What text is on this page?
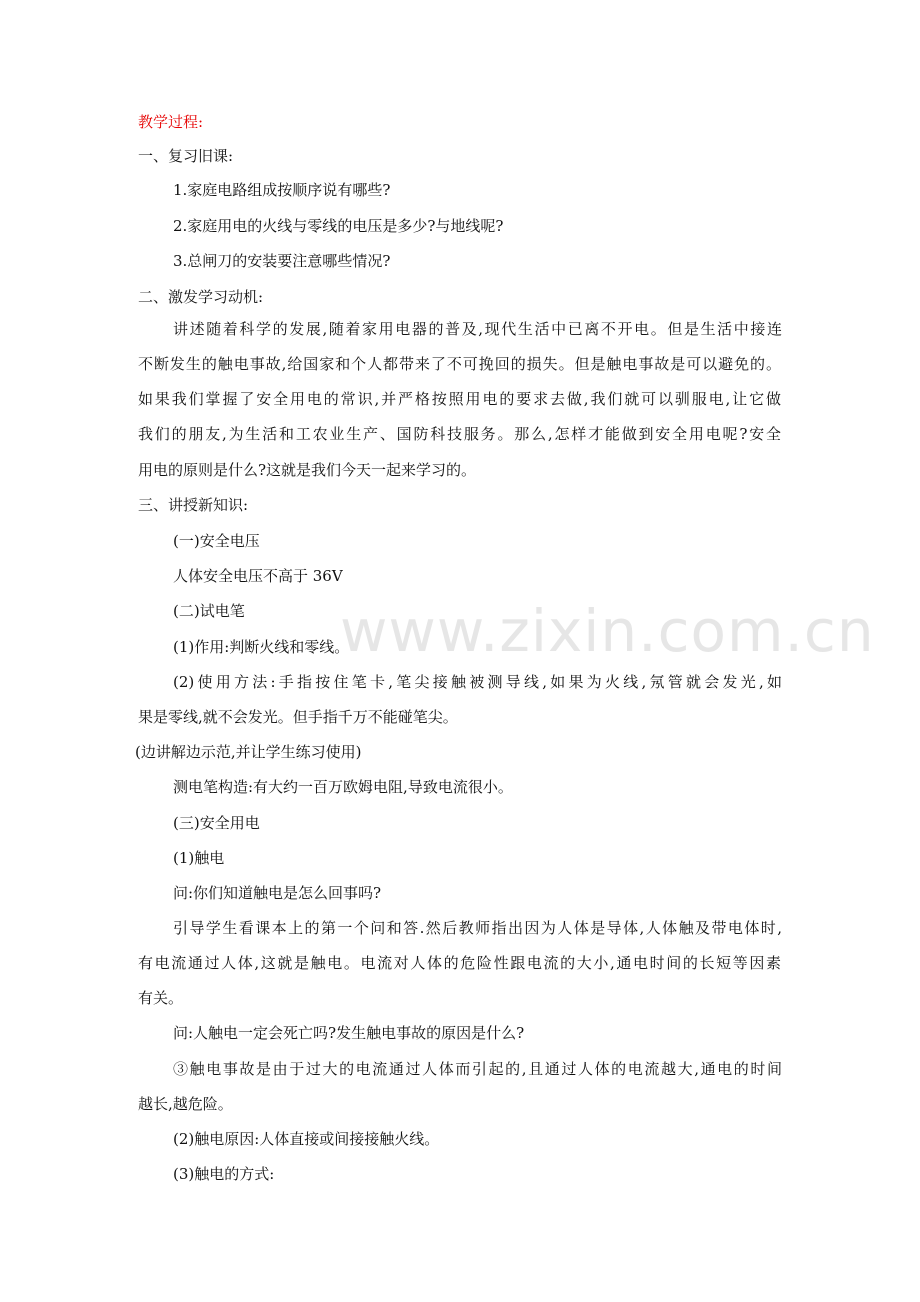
www.zixin.com.cn
教学过程:
一、复习旧课:
1.家庭电路组成按顺序说有哪些?
2.家庭用电的火线与零线的电压是多少?与地线呢?
3.总闸刀的安装要注意哪些情况?
二、激发学习动机:
讲述随着科学的发展,随着家用电器的普及,现代生活中已离不开电。但是生活中接连
不断发生的触电事故,给国家和个人都带来了不可挽回的损失。但是触电事故是可以避免的。
如果我们掌握了安全用电的常识,并严格按照用电的要求去做,我们就可以驯服电,让它做
我们的朋友,为生活和工农业生产、国防科技服务。那么,怎样才能做到安全用电呢?安全
用电的原则是什么?这就是我们今天一起来学习的。
三、讲授新知识:
(一)安全电压
人体安全电压不高于 36V
(二)试电笔
(1)作用:判断火线和零线。
(2)使用方法:手指按住笔卡,笔尖接触被测导线,如果为火线,氖管就会发光,如
果是零线,就不会发光。但手指千万不能碰笔尖。
(边讲解边示范,并让学生练习使用)
测电笔构造:有大约一百万欧姆电阻,导致电流很小。
(三)安全用电
(1)触电
问:你们知道触电是怎么回事吗?
引导学生看课本上的第一个问和答.然后教师指出因为人体是导体,人体触及带电体时,
有电流通过人体,这就是触电。电流对人体的危险性跟电流的大小,通电时间的长短等因素
有关。
问:人触电一定会死亡吗?发生触电事故的原因是什么?
③触电事故是由于过大的电流通过人体而引起的,且通过人体的电流越大,通电的时间
越长,越危险。
(2)触电原因:人体直接或间接接触火线。
(3)触电的方式:
